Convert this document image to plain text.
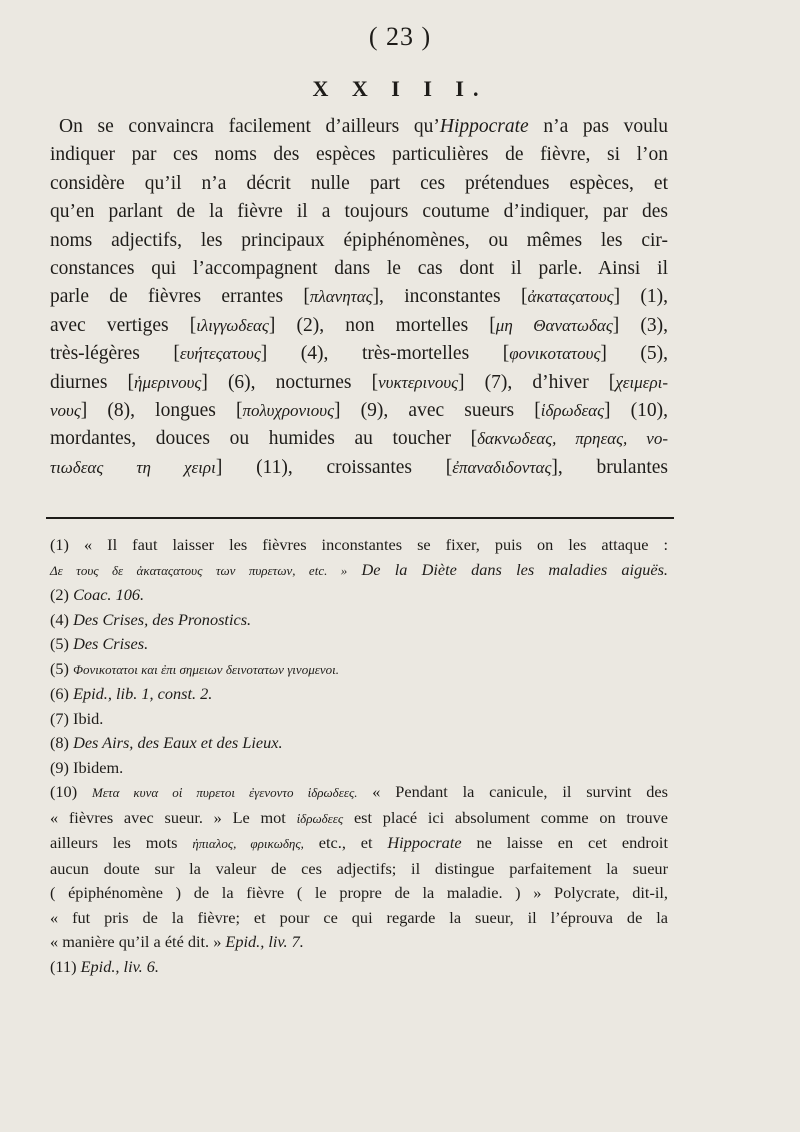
( 23 )
X X I I I.
On se convaincra facilement d’ailleurs qu’Hippocrate n’a pas voulu
indiquer par ces noms des espèces particulières de fièvre, si l’on
considère qu’il n’a décrit nulle part ces prétendues espèces, et
qu’en parlant de la fièvre il a toujours coutume d’indiquer, par des
noms adjectifs, les principaux épiphénomènes, ou mêmes les cir-
constances qui l’accompagnent dans le cas dont il parle. Ainsi il
parle de fièvres errantes [πλανητας], inconstantes [ἀκαταςατους] (1),
avec vertiges [ιλιγγωδεας] (2), non mortelles [μη Θανατωδας] (3),
très-légères [ευήτεςατους] (4), très-mortelles [φονικοτατους] (5),
diurnes [ἡμερινους] (6), nocturnes [νυκτερινους] (7), d’hiver [χειμερι-
νους] (8), longues [πολυχρονιους] (9), avec sueurs [ἱδρωδεας] (10),
mordantes, douces ou humides au toucher [δακνωδεας, πρηεας, νο-
τιωδεας τη χειρι] (11), croissantes [ἐπαναδιδοντας], brulantes
(1) « Il faut laisser les fièvres inconstantes se fixer, puis on les attaque :
Δε τους δε ἀκαταςατους των πυρετων, etc. » De la Diète dans les maladies aiguës.
(2) Coac. 106.
(4) Des Crises, des Pronostics.
(5) Des Crises.
(5) Φονικοτατοι και ἐπι σημειων δεινοτατων γινομενοι.
(6) Epid., lib. 1, const. 2.
(7) Ibid.
(8) Des Airs, des Eaux et des Lieux.
(9) Ibidem.
(10) Μετα κυνα οἱ πυρετοι ἐγενοντο ἱδρωδεες. « Pendant la canicule, il survint des
« fièvres avec sueur. » Le mot ἱδρωδεες est placé ici absolument comme on trouve
ailleurs les mots ἠπιαλος, φρικωδης, etc., et Hippocrate ne laisse en cet endroit
aucun doute sur la valeur de ces adjectifs; il distingue parfaitement la sueur
( épiphénomène ) de la fièvre ( le propre de la maladie. ) » Polycrate, dit-il,
« fut pris de la fièvre; et pour ce qui regarde la sueur, il l’éprouva de la
« manière qu’il a été dit. » Epid., liv. 7.
(11) Epid., liv. 6.
